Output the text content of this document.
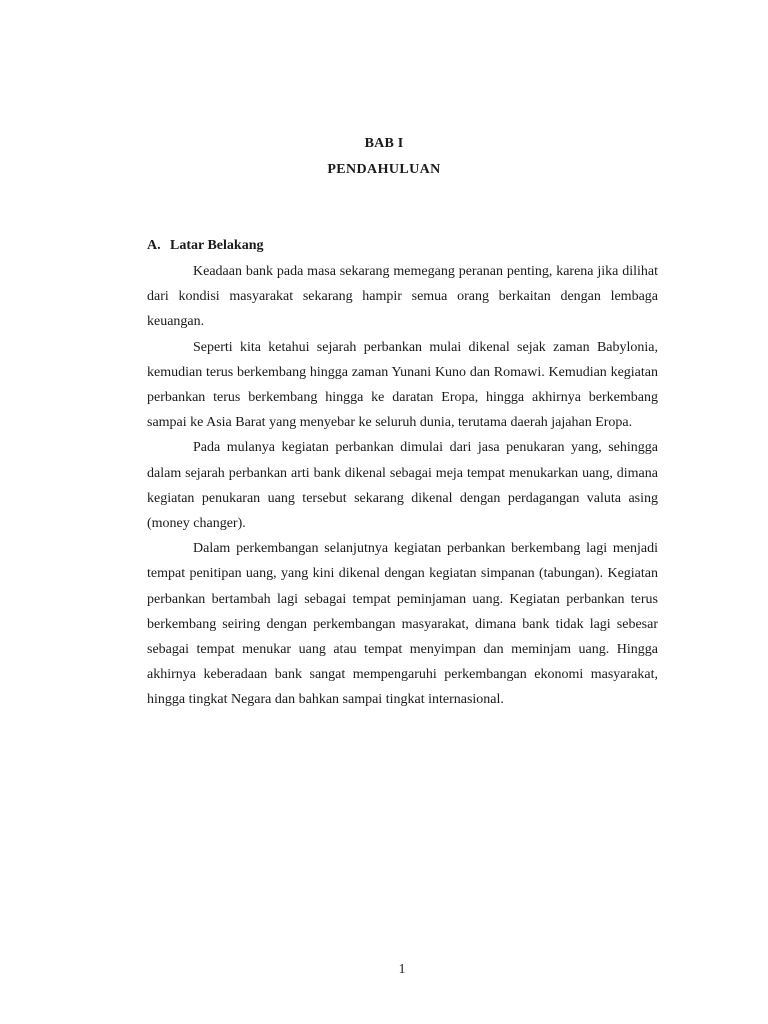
BAB I
PENDAHULUAN
A. Latar Belakang

Keadaan bank pada masa sekarang memegang peranan penting, karena jika dilihat dari kondisi masyarakat sekarang hampir semua orang berkaitan dengan lembaga keuangan.

Seperti kita ketahui sejarah perbankan mulai dikenal sejak zaman Babylonia, kemudian terus berkembang hingga zaman Yunani Kuno dan Romawi. Kemudian kegiatan perbankan terus berkembang hingga ke daratan Eropa, hingga akhirnya berkembang sampai ke Asia Barat yang menyebar ke seluruh dunia, terutama daerah jajahan Eropa.

Pada mulanya kegiatan perbankan dimulai dari jasa penukaran yang, sehingga dalam sejarah perbankan arti bank dikenal sebagai meja tempat menukarkan uang, dimana kegiatan penukaran uang tersebut sekarang dikenal dengan perdagangan valuta asing (money changer).

Dalam perkembangan selanjutnya kegiatan perbankan berkembang lagi menjadi tempat penitipan uang, yang kini dikenal dengan kegiatan simpanan (tabungan). Kegiatan perbankan bertambah lagi sebagai tempat peminjaman uang. Kegiatan perbankan terus berkembang seiring dengan perkembangan masyarakat, dimana bank tidak lagi sebesar sebagai tempat menukar uang atau tempat menyimpan dan meminjam uang. Hingga akhirnya keberadaan bank sangat mempengaruhi perkembangan ekonomi masyarakat, hingga tingkat Negara dan bahkan sampai tingkat internasional.

1
